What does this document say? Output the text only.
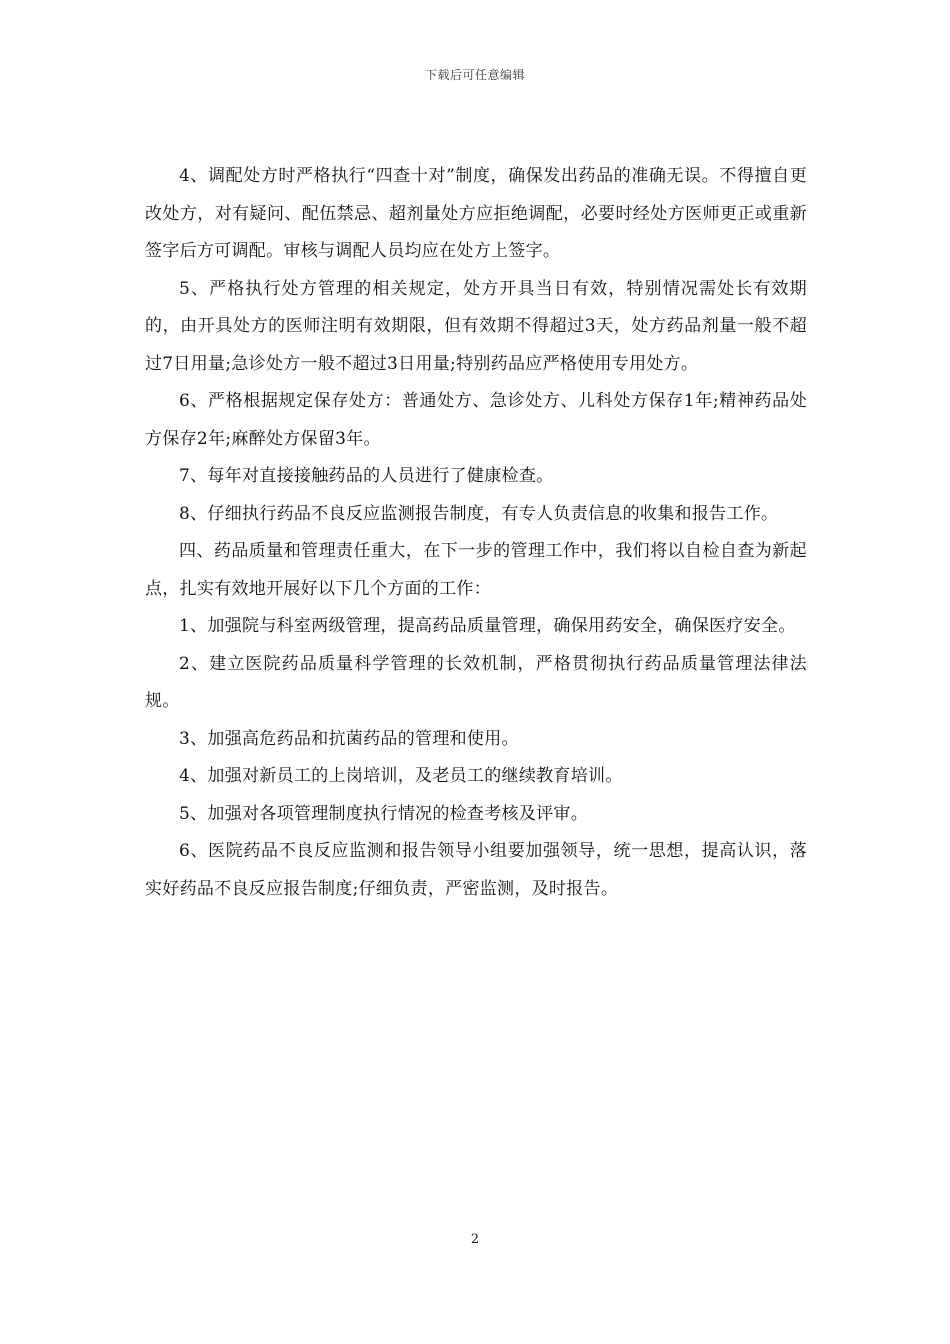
下载后可任意编辑

4、调配处方时严格执行“四查十对”制度，确保发出药品的准确无误。不得擅自更改处方，对有疑问、配伍禁忌、超剂量处方应拒绝调配，必要时经处方医师更正或重新签字后方可调配。审核与调配人员均应在处方上签字。

5、严格执行处方管理的相关规定，处方开具当日有效，特别情况需处长有效期的，由开具处方的医师注明有效期限，但有效期不得超过3天，处方药品剂量一般不超过7日用量;急诊处方一般不超过3日用量;特别药品应严格使用专用处方。

6、严格根据规定保存处方：普通处方、急诊处方、儿科处方保存1年;精神药品处方保存2年;麻醉处方保留3年。

7、每年对直接接触药品的人员进行了健康检查。

8、仔细执行药品不良反应监测报告制度，有专人负责信息的收集和报告工作。

四、药品质量和管理责任重大，在下一步的管理工作中，我们将以自检自查为新起点，扎实有效地开展好以下几个方面的工作：

1、加强院与科室两级管理，提高药品质量管理，确保用药安全，确保医疗安全。

2、建立医院药品质量科学管理的长效机制，严格贯彻执行药品质量管理法律法规。

3、加强高危药品和抗菌药品的管理和使用。

4、加强对新员工的上岗培训，及老员工的继续教育培训。

5、加强对各项管理制度执行情况的检查考核及评审。

6、医院药品不良反应监测和报告领导小组要加强领导，统一思想，提高认识，落实好药品不良反应报告制度;仔细负责，严密监测，及时报告。

2
